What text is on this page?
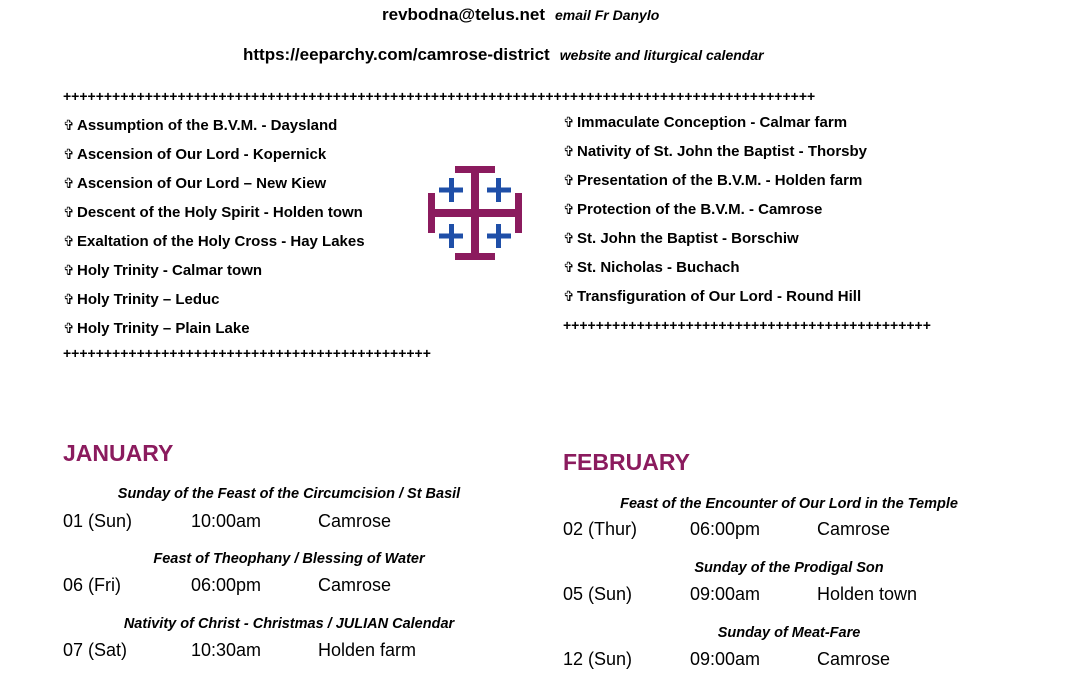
revbodna@telus.net email Fr Danylo
https://eeparchy.com/camrose-district website and liturgical calendar
++++++++++++++++++++++++++++++++++++++++++++++++++++++++++++++++++++++++++++++++++++++++++++
✞ Assumption of the B.V.M. - Daysland
✞ Ascension of Our Lord - Kopernick
✞ Ascension of Our Lord – New Kiew
✞ Descent of the Holy Spirit - Holden town
✞ Exaltation of the Holy Cross - Hay Lakes
✞ Holy Trinity - Calmar town
✞ Holy Trinity – Leduc
✞ Holy Trinity – Plain Lake
+++++++++++++++++++++++++++++++++++++++++++++
✞ Immaculate Conception - Calmar farm
✞ Nativity of St. John the Baptist - Thorsby
✞ Presentation of the B.V.M. - Holden farm
✞ Protection of the B.V.M. - Camrose
✞ St. John the Baptist - Borschiw
✞ St. Nicholas - Buchach
✞ Transfiguration of Our Lord - Round Hill
+++++++++++++++++++++++++++++++++++++++++++++
JANUARY
Sunday of the Feast of the Circumcision / St Basil
01 (Sun)	10:00am	Camrose
Feast of Theophany / Blessing of Water
06 (Fri)	06:00pm	Camrose
Nativity of Christ - Christmas / JULIAN Calendar
07 (Sat)	10:30am	Holden farm
FEBRUARY
Feast of the Encounter of Our Lord in the Temple
02 (Thur)	06:00pm	Camrose
Sunday of the Prodigal Son
05 (Sun)	09:00am	Holden town
Sunday of Meat-Fare
12 (Sun)	09:00am	Camrose
